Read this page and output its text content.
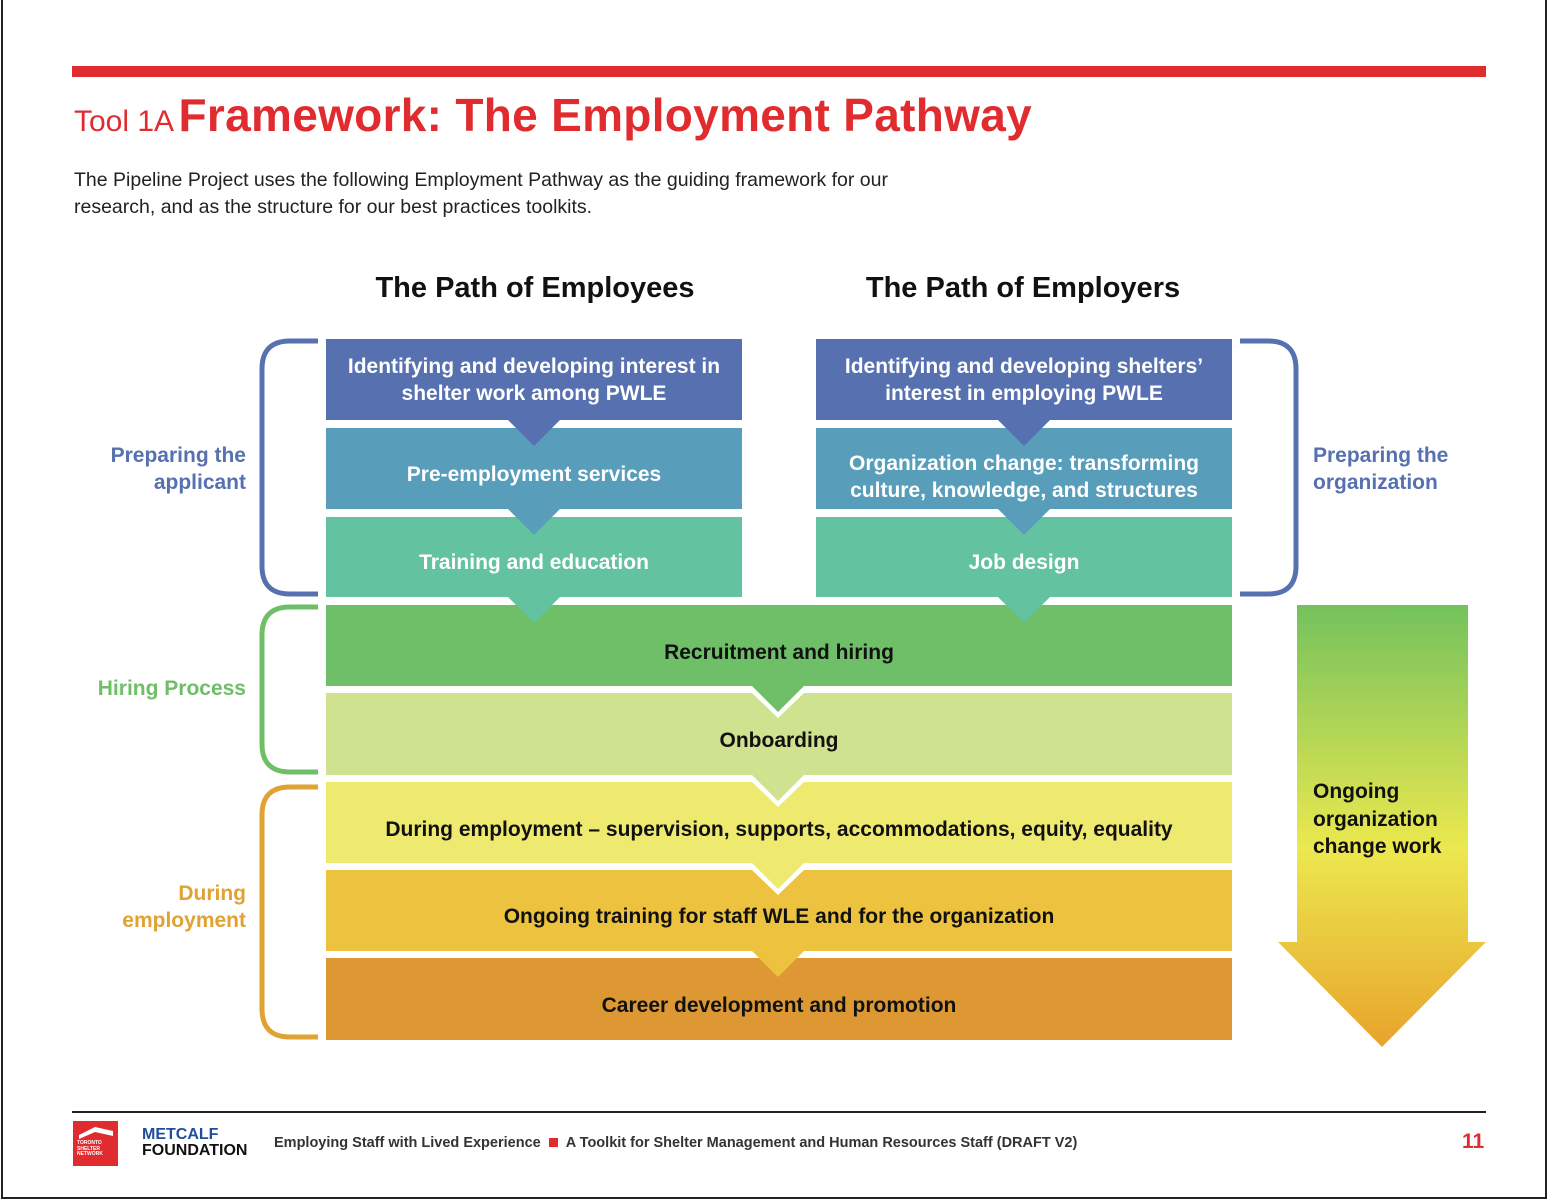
Tool 1A Framework: The Employment Pathway
The Pipeline Project uses the following Employment Pathway as the guiding framework for our research, and as the structure for our best practices toolkits.
The Path of Employees	The Path of Employers
Identifying and developing interest in shelter work among PWLE
Pre-employment services
Training and education
Identifying and developing shelters’ interest in employing PWLE
Organization change: transforming culture, knowledge, and structures
Job design
Recruitment and hiring
Onboarding
During employment – supervision, supports, accommodations, equity, equality
Ongoing training for staff WLE and for the organization
Career development and promotion
Preparing the applicant
Hiring Process
During employment
Preparing the organization
Ongoing organization change work
TORONTO SHELTER NETWORK
METCALF
FOUNDATION Employing Staff with Lived Experience A Toolkit for Shelter Management and Human Resources Staff (DRAFT V2)	11
